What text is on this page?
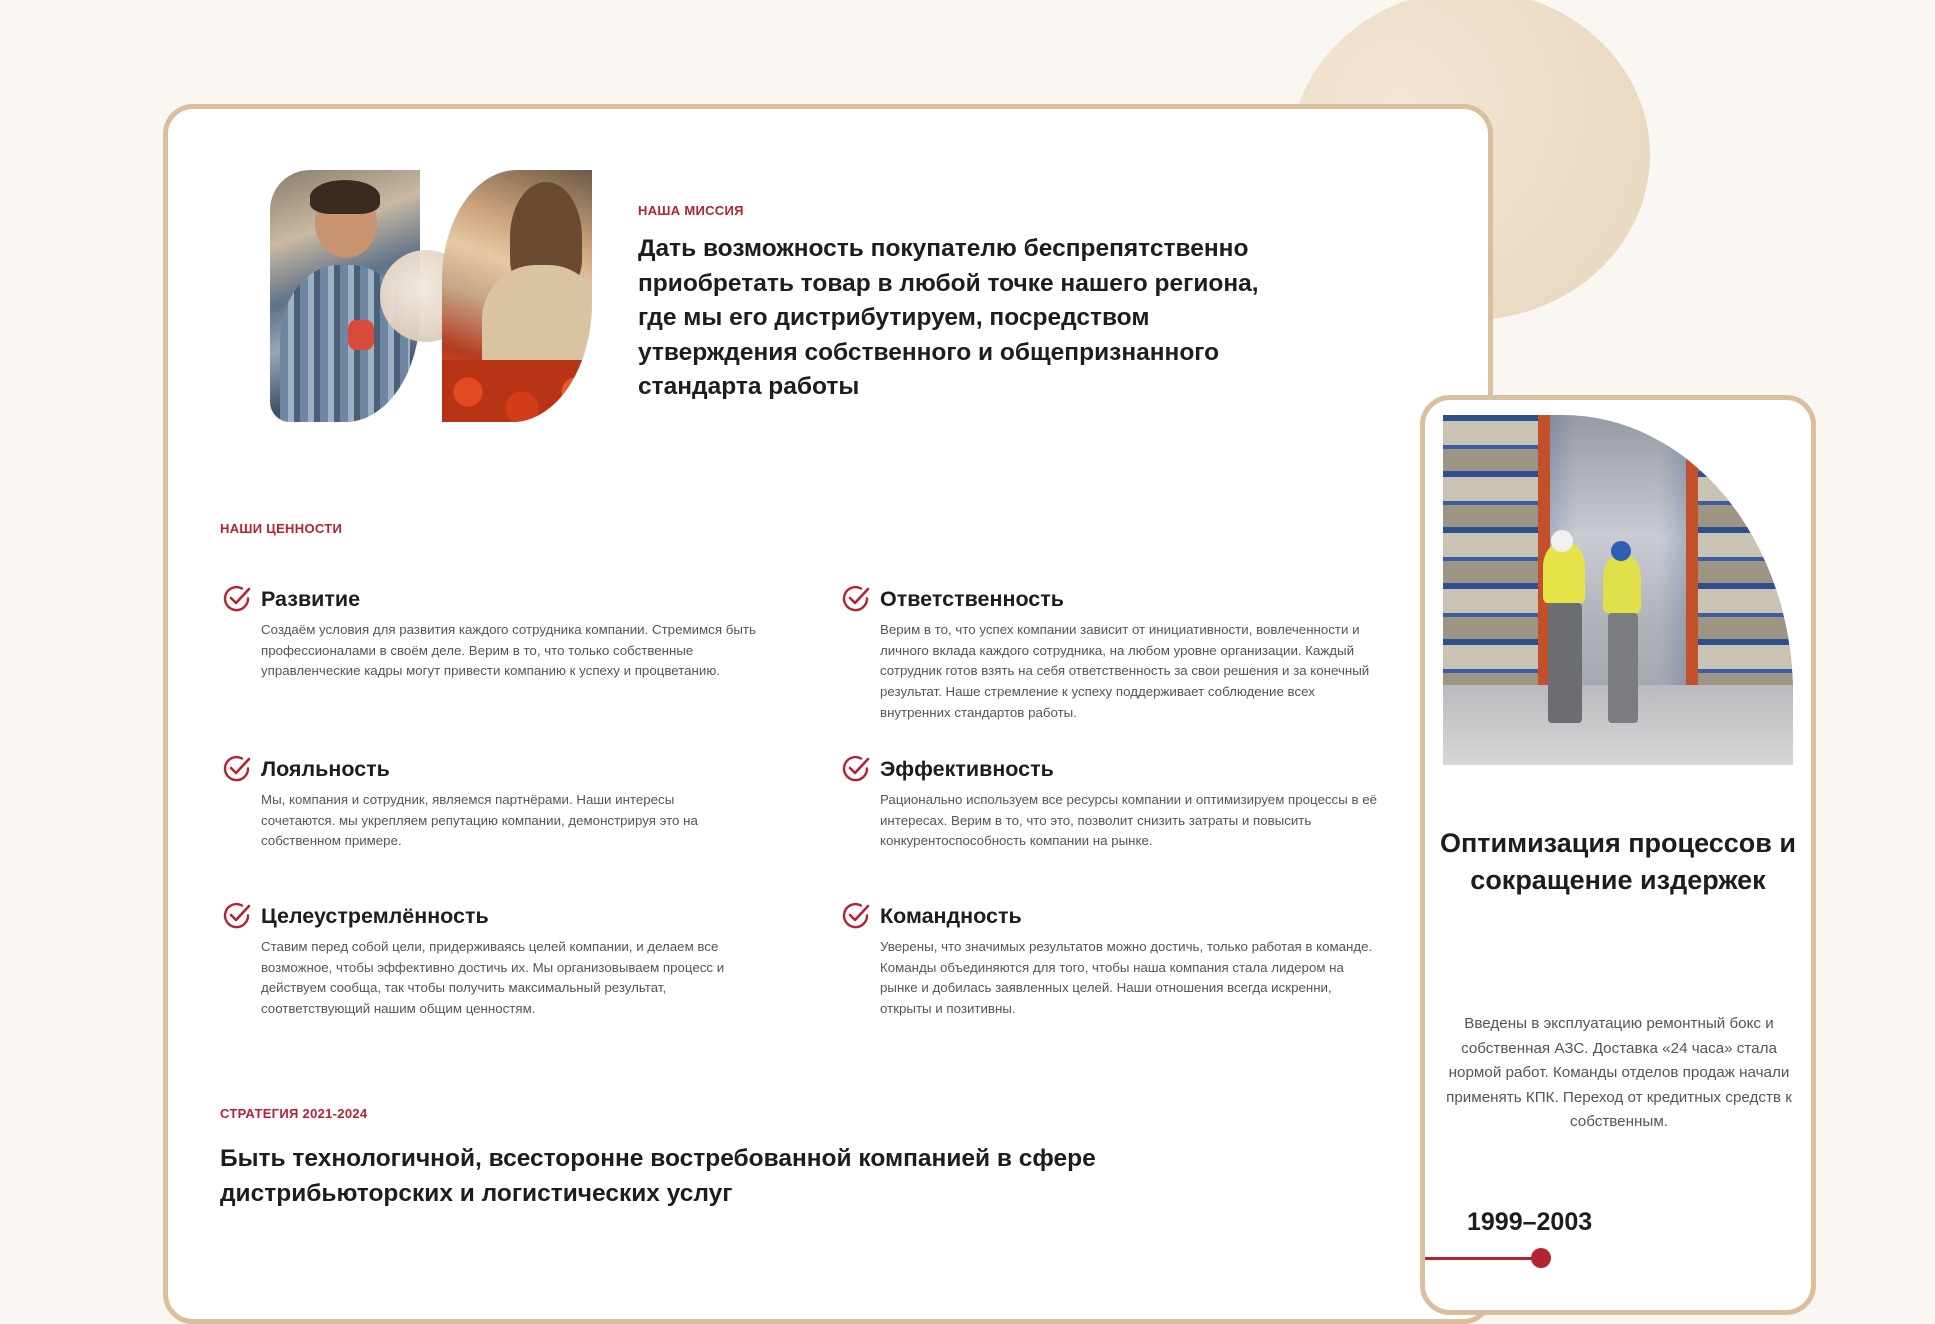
НАША МИССИЯ
Дать возможность покупателю беспрепятственно приобретать товар в любой точке нашего региона, где мы его дистрибутируем, посредством утверждения собственного и общепризнанного стандарта работы
НАШИ ЦЕННОСТИ
Развитие
Создаём условия для развития каждого сотрудника компании. Стремимся быть профессионалами в своём деле. Верим в то, что только собственные управленческие кадры могут привести компанию к успеху и процветанию.
Ответственность
Верим в то, что успех компании зависит от инициативности, вовлеченности и личного вклада каждого сотрудника, на любом уровне организации. Каждый сотрудник готов взять на себя ответственность за свои решения и за конечный результат. Наше стремление к успеху поддерживает соблюдение всех внутренних стандартов работы.
Лояльность
Мы, компания и сотрудник, являемся партнёрами. Наши интересы сочетаются. мы укрепляем репутацию компании, демонстрируя это на собственном примере.
Эффективность
Рационально используем все ресурсы компании и оптимизируем процессы в её интересах. Верим в то, что это, позволит снизить затраты и повысить конкурентоспособность компании на рынке.
Целеустремлённость
Ставим перед собой цели, придерживаясь целей компании, и делаем все возможное, чтобы эффективно достичь их. Мы организовываем процесс и действуем сообща, так чтобы получить максимальный результат, соответствующий нашим общим ценностям.
Командность
Уверены, что значимых результатов можно достичь, только работая в команде. Команды объединяются для того, чтобы наша компания стала лидером на рынке и добилась заявленных целей. Наши отношения всегда искренни, открыты и позитивны.
СТРАТЕГИЯ 2021-2024
Быть технологичной, всесторонне востребованной компанией в сфере дистрибьюторских и логистических услуг
Оптимизация процессов и сокращение издержек
Введены в эксплуатацию ремонтный бокс и собственная АЗС. Доставка «24 часа» стала нормой работ. Команды отделов продаж начали применять КПК. Переход от кредитных средств к собственным.
1999–2003
